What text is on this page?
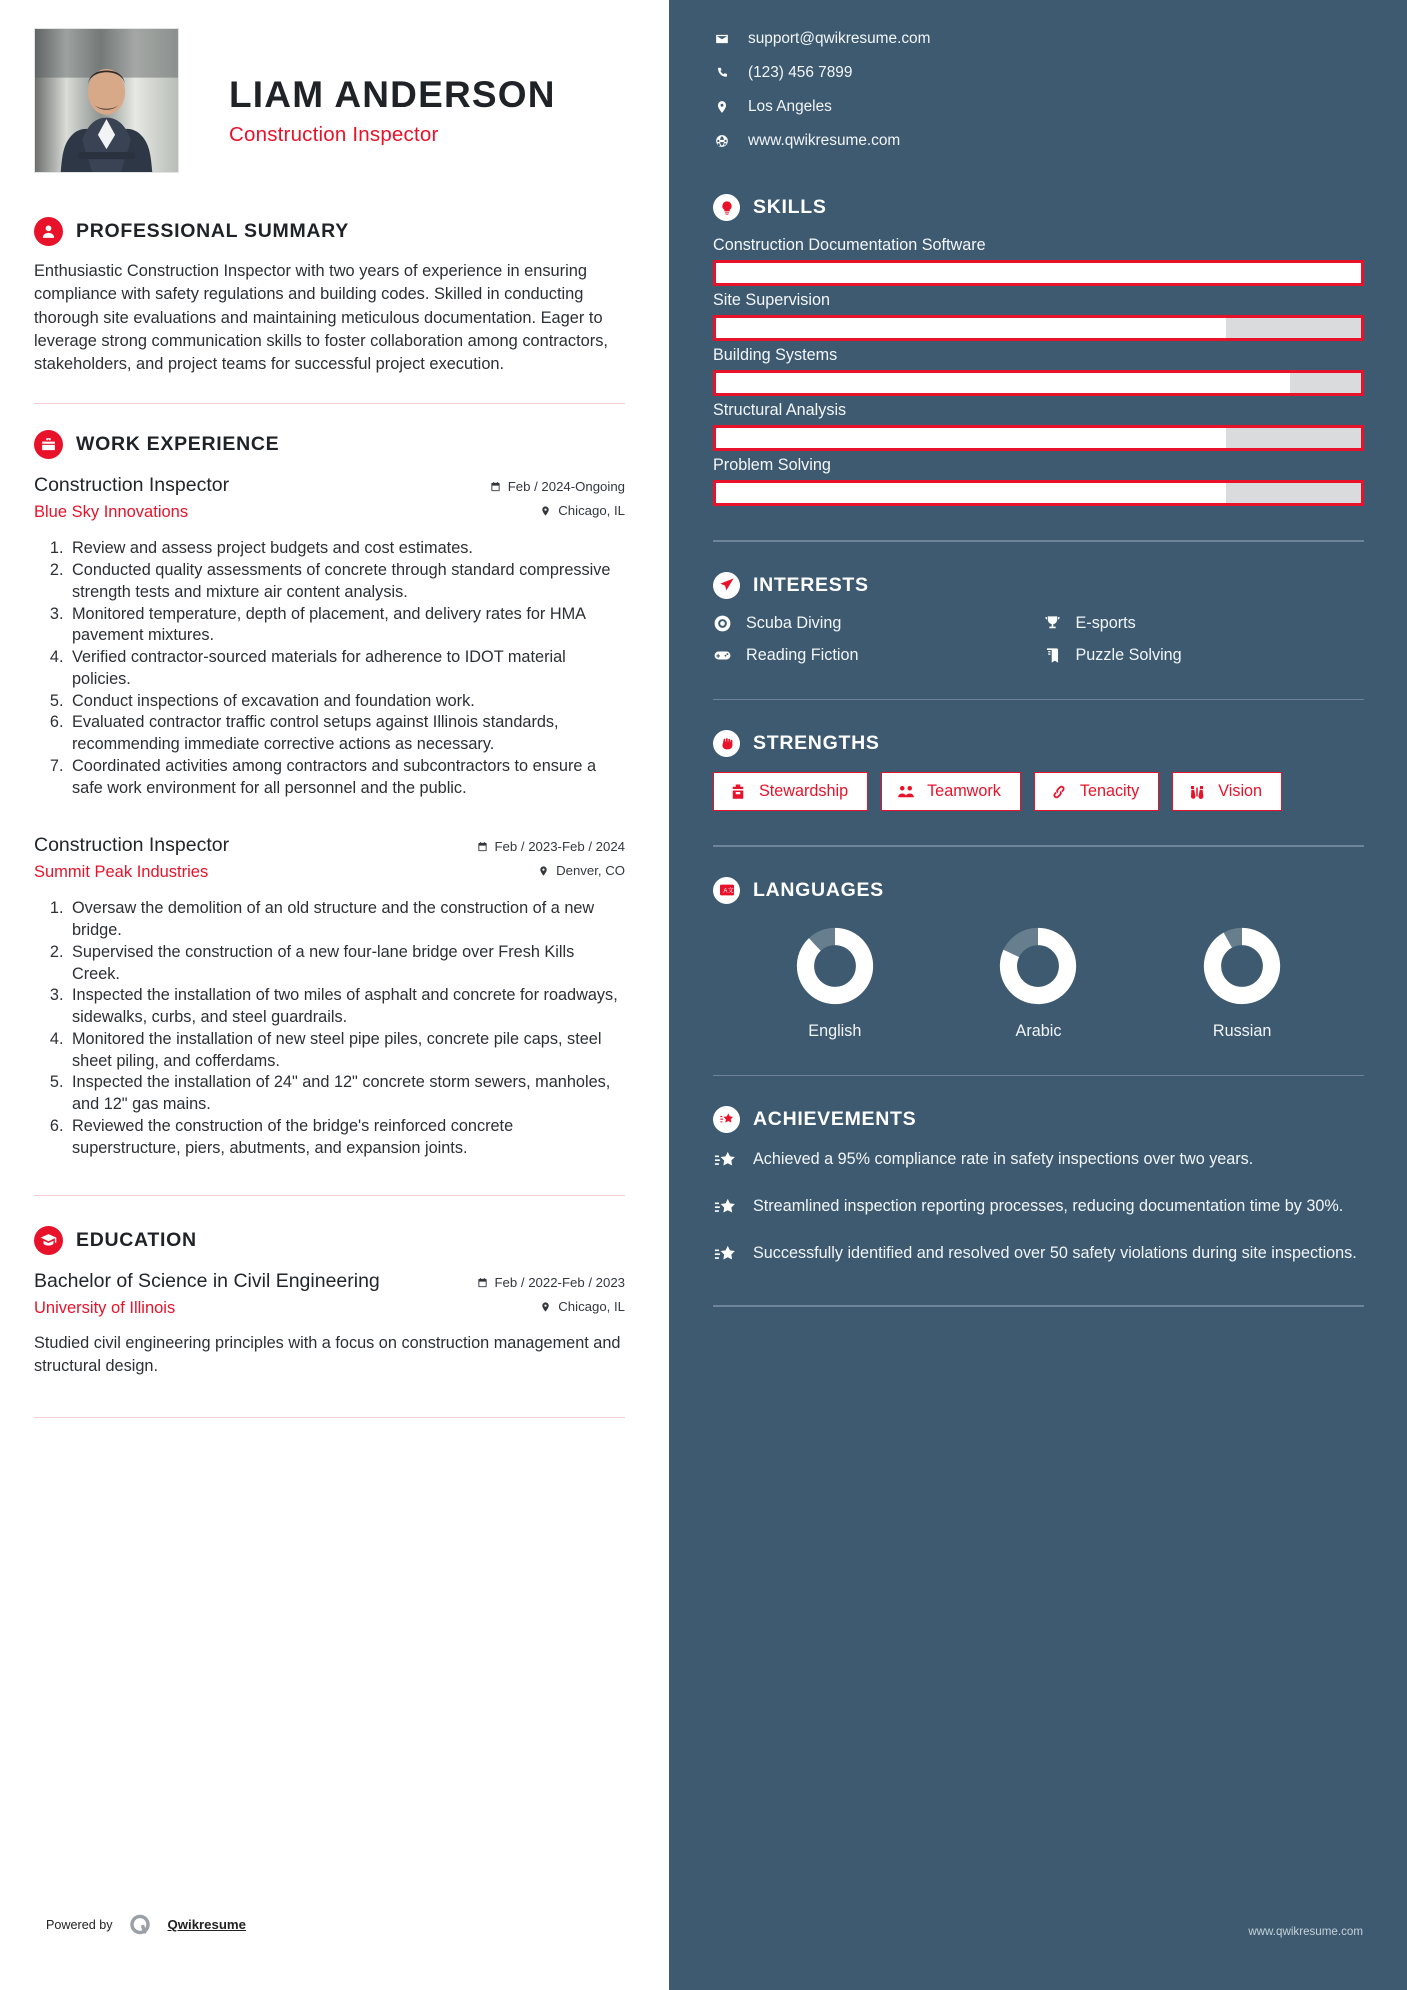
LIAM ANDERSON
Construction Inspector
PROFESSIONAL SUMMARY
Enthusiastic Construction Inspector with two years of experience in ensuring compliance with safety regulations and building codes. Skilled in conducting thorough site evaluations and maintaining meticulous documentation. Eager to leverage strong communication skills to foster collaboration among contractors, stakeholders, and project teams for successful project execution.
WORK EXPERIENCE
Construction Inspector
Blue Sky Innovations
Feb / 2024-Ongoing
Chicago, IL
1. Review and assess project budgets and cost estimates.
2. Conducted quality assessments of concrete through standard compressive strength tests and mixture air content analysis.
3. Monitored temperature, depth of placement, and delivery rates for HMA pavement mixtures.
4. Verified contractor-sourced materials for adherence to IDOT material policies.
5. Conduct inspections of excavation and foundation work.
6. Evaluated contractor traffic control setups against Illinois standards, recommending immediate corrective actions as necessary.
7. Coordinated activities among contractors and subcontractors to ensure a safe work environment for all personnel and the public.
Construction Inspector
Summit Peak Industries
Feb / 2023-Feb / 2024
Denver, CO
1. Oversaw the demolition of an old structure and the construction of a new bridge.
2. Supervised the construction of a new four-lane bridge over Fresh Kills Creek.
3. Inspected the installation of two miles of asphalt and concrete for roadways, sidewalks, curbs, and steel guardrails.
4. Monitored the installation of new steel pipe piles, concrete pile caps, steel sheet piling, and cofferdams.
5. Inspected the installation of 24" and 12" concrete storm sewers, manholes, and 12" gas mains.
6. Reviewed the construction of the bridge's reinforced concrete superstructure, piers, abutments, and expansion joints.
EDUCATION
Bachelor of Science in Civil Engineering
University of Illinois
Feb / 2022-Feb / 2023
Chicago, IL
Studied civil engineering principles with a focus on construction management and structural design.
Powered by	Qwikresume
support@qwikresume.com
(123) 456 7899
Los Angeles
www.qwikresume.com
SKILLS
Construction Documentation Software
Site Supervision
Building Systems
Structural Analysis
Problem Solving
INTERESTS
Scuba Diving	E-sports
Reading Fiction	Puzzle Solving
STRENGTHS
Stewardship	Teamwork	Tenacity	Vision
A 文 LANGUAGES
English	Arabic	Russian
ACHIEVEMENTS
Achieved a 95% compliance rate in safety inspections over two years.
Streamlined inspection reporting processes, reducing documentation time by 30%.
Successfully identified and resolved over 50 safety violations during site inspections.
www.qwikresume.com
